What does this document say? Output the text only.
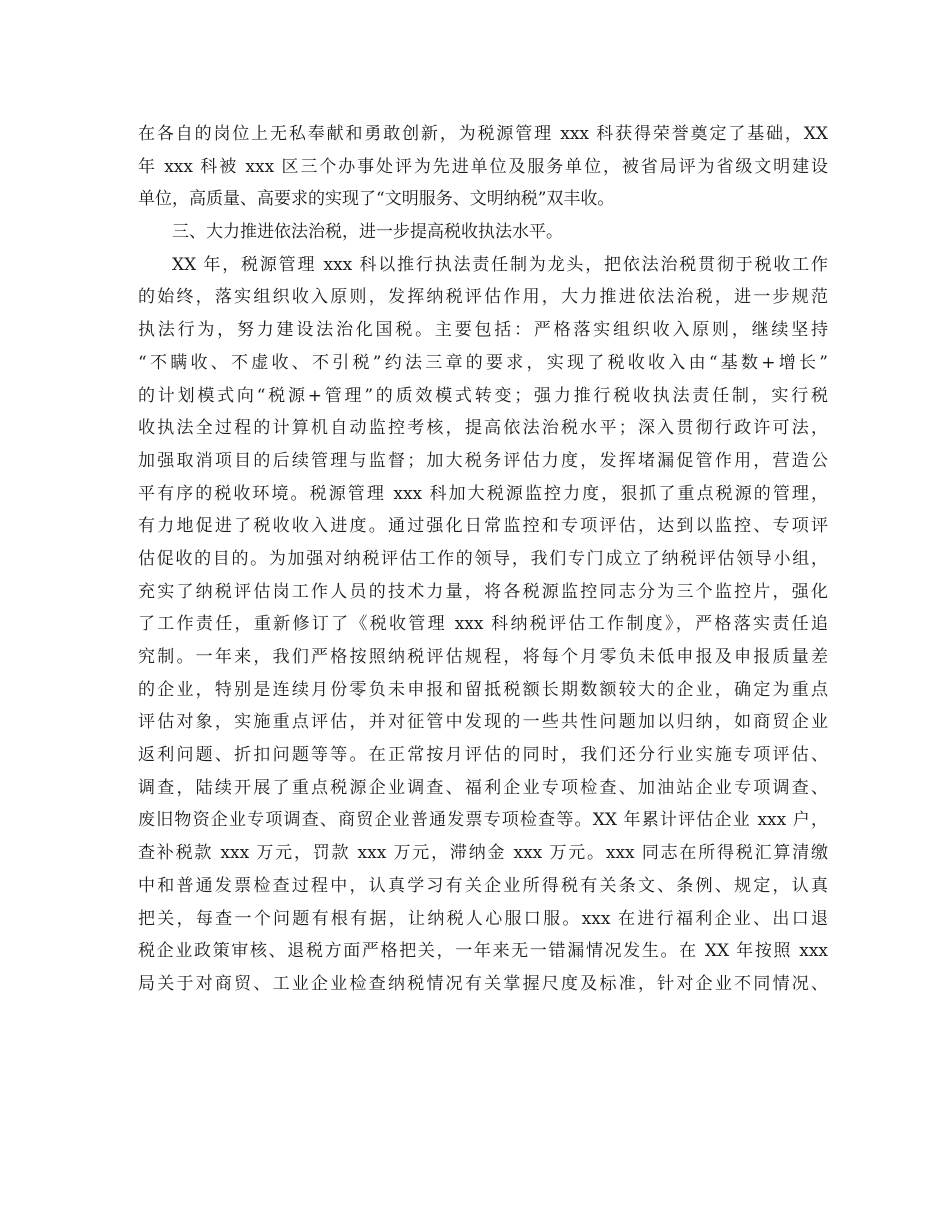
在各自的岗位上无私奉献和勇敢创新，为税源管理 xxx 科获得荣誉奠定了基础，XX
年 xxx 科被 xxx 区三个办事处评为先进单位及服务单位，被省局评为省级文明建设
单位，高质量、高要求的实现了“文明服务、文明纳税”双丰收。
三、大力推进依法治税，进一步提高税收执法水平。
XX 年，税源管理 xxx 科以推行执法责任制为龙头，把依法治税贯彻于税收工作
的始终，落实组织收入原则，发挥纳税评估作用，大力推进依法治税，进一步规范
执法行为，努力建设法治化国税。主要包括：严格落实组织收入原则，继续坚持
“不瞒收、不虚收、不引税”约法三章的要求，实现了税收收入由“基数+增长”
的计划模式向“税源+管理”的质效模式转变；强力推行税收执法责任制，实行税
收执法全过程的计算机自动监控考核，提高依法治税水平；深入贯彻行政许可法，
加强取消项目的后续管理与监督；加大税务评估力度，发挥堵漏促管作用，营造公
平有序的税收环境。税源管理 xxx 科加大税源监控力度，狠抓了重点税源的管理，
有力地促进了税收收入进度。通过强化日常监控和专项评估，达到以监控、专项评
估促收的目的。为加强对纳税评估工作的领导，我们专门成立了纳税评估领导小组，
充实了纳税评估岗工作人员的技术力量，将各税源监控同志分为三个监控片，强化
了工作责任，重新修订了《税收管理 xxx 科纳税评估工作制度》，严格落实责任追
究制。一年来，我们严格按照纳税评估规程，将每个月零负未低申报及申报质量差
的企业，特别是连续月份零负未申报和留抵税额长期数额较大的企业，确定为重点
评估对象，实施重点评估，并对征管中发现的一些共性问题加以归纳，如商贸企业
返利问题、折扣问题等等。在正常按月评估的同时，我们还分行业实施专项评估、
调查，陆续开展了重点税源企业调查、福利企业专项检查、加油站企业专项调查、
废旧物资企业专项调查、商贸企业普通发票专项检查等。XX 年累计评估企业 xxx 户，
查补税款 xxx 万元，罚款 xxx 万元，滞纳金 xxx 万元。xxx 同志在所得税汇算清缴
中和普通发票检查过程中，认真学习有关企业所得税有关条文、条例、规定，认真
把关，每查一个问题有根有据，让纳税人心服口服。xxx 在进行福利企业、出口退
税企业政策审核、退税方面严格把关，一年来无一错漏情况发生。在 XX 年按照 xxx
局关于对商贸、工业企业检查纳税情况有关掌握尺度及标准，针对企业不同情况、
